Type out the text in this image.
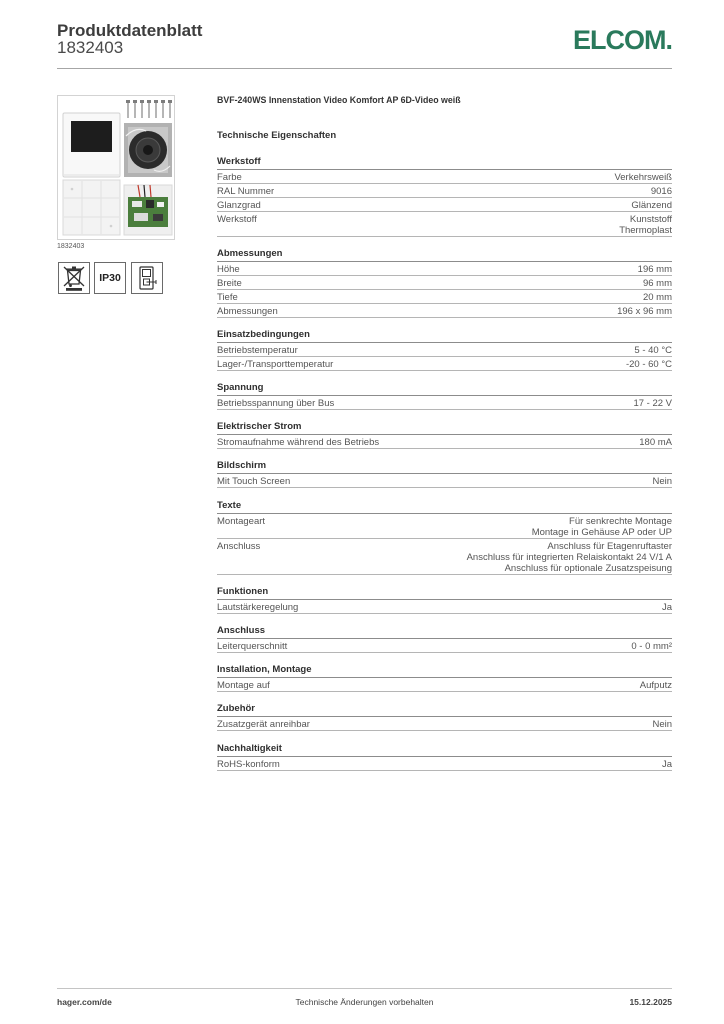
Produktdatenblatt
1832403	ELCOM.
1832403
IP30
BVF-240WS Innenstation Video Komfort AP 6D-Video weiß
Technische Eigenschaften
Werkstoff
Farbe	Verkehrsweiß
RAL Nummer	9016
Glanzgrad	Glänzend
Werkstoff	Kunststoff
Thermoplast
Abmessungen
Höhe	196 mm
Breite	96 mm
Tiefe	20 mm
Abmessungen	196 x 96 mm
Einsatzbedingungen
Betriebstemperatur	5 - 40 °C
Lager-/Transporttemperatur	-20 - 60 °C
Spannung
Betriebsspannung über Bus	17 - 22 V
Elektrischer Strom
Stromaufnahme während des Betriebs	180 mA
Bildschirm
Mit Touch Screen	Nein
Texte
Montageart	Für senkrechte Montage
Montage in Gehäuse AP oder UP
Anschluss	Anschluss für Etagenruftaster
Anschluss für integrierten Relaiskontakt 24 V/1 A
Anschluss für optionale Zusatzspeisung
Funktionen
Lautstärkeregelung	Ja
Anschluss
Leiterquerschnitt	0 - 0 mm²
Installation, Montage
Montage auf	Aufputz
Zubehör
Zusatzgerät anreihbar	Nein
Nachhaltigkeit
RoHS-konform	Ja
hager.com/de	Technische Änderungen vorbehalten	15.12.2025
